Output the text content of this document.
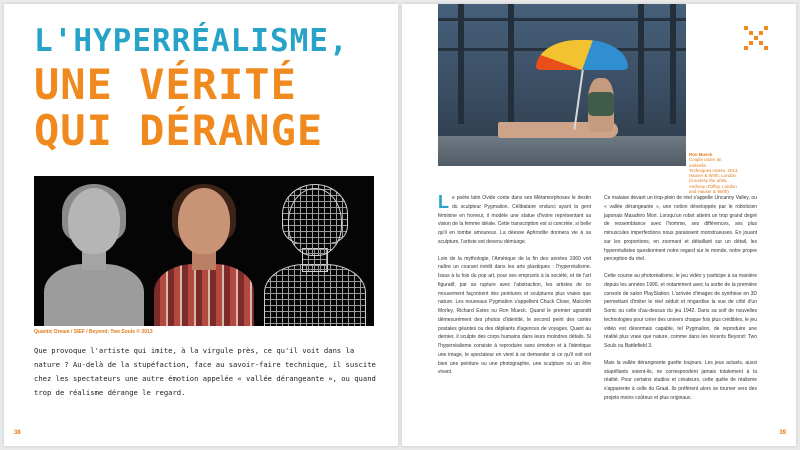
L'HYPERRÉALISME,
UNE VÉRITÉ
QUI DÉRANGE

Quantic Dream / SIEF / Beyond: Two Souls © 2013

Que provoque l'artiste qui imite, à la virgule près, ce qu'il voit dans la nature ? Au-delà de la stupéfaction, face au savoir-faire technique, il suscite chez les spectateurs une autre émotion appelée « vallée dérangeante », ou quand trop de réalisme dérange le regard.

38

Ron Mueck
Couple under an umbrella
Techniques mixtes, 2013,
Hauser & Wirth, London.
(Courtesy the artist,
Anthony d'Offay, London
and Hauser & Wirth)

Le poète latin Ovide conte dans ses Métamorphoses le destin du sculpteur Pygmalion. Célibataire endurci ayant la gent féminine en horreur, il modèle une statue d'ivoire représentant sa vision de la femme idéale. Cette transcription est si concrète, si belle qu'il en tombe amoureux. La déesse Aphrodite donnera vie à sa sculpture, l'artiste est devenu démiurge.

Loin de la mythologie, l'Amérique de la fin des années 1960 voit naître un courant inédit dans les arts plastiques : l'hyperréalisme. Issus à la fois du pop art, pour ses emprunts à la société, et de l'art figuratif, par sa rupture avec l'abstraction, les artistes de ce mouvement façonnent des peintures et sculptures plus vraies que nature. Les nouveaux Pygmalion s'appellent Chuck Close, Malcolm Morley, Richard Estes ou Ron Mueck. Quand le premier agrandit démesurément des photos d'identité, le second peint des cartes postales géantes ou des dépliants d'agences de voyages. Quant au dernier, il sculpte des corps humains dans leurs moindres détails. Si l'hyperréalisme consiste à reproduire sans émotion et à l'identique une image, le spectateur en vient à se demander si ce qu'il voit est bien une peinture ou une photographie, une sculpture ou un être vivant.

Ce malaise devant un trop-plein de réel s'appelle Uncanny Valley, ou « vallée dérangeante », une notion développée par le roboticien japonais Masahiro Mori. Lorsqu'un robot atteint un trop grand degré de ressemblance avec l'homme, ses différences, ses plus minuscules imperfections nous paraissent monstrueuses. En jouant sur les proportions, en zoomant et détaillant sur un détail, les hyperréalistes questionnent notre regard sur le monde, notre propre perception du réel.

Cette course au photoréalisme, le jeu vidéo y participe à sa manière depuis les années 1990, et notamment avec la sortie de la première console de salon PlayStation. L'arrivée d'images de synthèse en 3D permettant d'imiter le réel séduit et ringardise la vue de côté d'un Sonic ou celle d'au-dessus du jeu 1942. Dans sa soif de nouvelles technologies pour créer des univers chaque fois plus crédibles, le jeu vidéo est désormais capable, tel Pygmalion, de reproduire une réalité plus vraie que nature, comme dans les récents Beyond: Two Souls ou Battlefield 3.

Mais la vallée dérangeante guette toujours. Les jeux actuels, aussi stupéfiants soient-ils, ne correspondent jamais totalement à la réalité. Pour certains studios et créateurs, cette quête de réalisme s'apparente à celle du Graal. Ils préfèrent alors se tourner vers des projets moins coûteux et plus originaux.

39
